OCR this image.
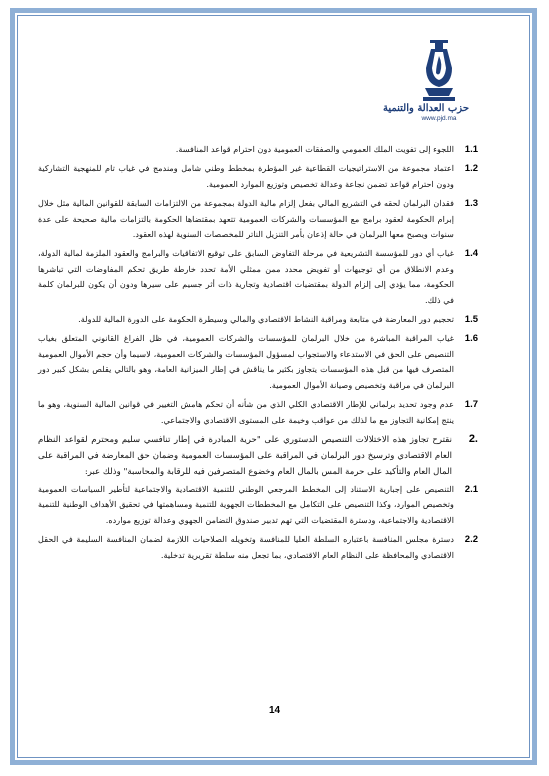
حزب العدالة والتنمية
www.pjd.ma
1.1
اللجوء إلى تفويت الملك العمومي والصفقات العمومية دون احترام قواعد المنافسة.
1.2
اعتماد مجموعة من الاستراتيجيات القطاعية غير المؤطرة بمخطط وطني شامل ومندمج في غياب تام للمنهجية التشاركية ودون احترام قواعد تضمن نجاعة وعدالة تخصيص وتوزيع الموارد العمومية.
1.3
فقدان البرلمان لحقه في التشريع المالي بفعل إلزام مالية الدولة بمجموعة من الالتزامات السابقة للقوانين المالية مثل خلال إبرام الحكومة لعقود برامج مع المؤسسات والشركات العمومية تتعهد بمقتضاها الحكومة بالتزامات مالية صحيحة على عدة سنوات ويصبح معها البرلمان في حالة إذعان بأمر التنزيل الناتر للمخصصات السنوية لهذه العقود.
1.4
غياب أي دور للمؤسسة التشريعية في مرحلة التفاوض السابق على توقيع الاتفاقيات والبرامج والعقود الملزمة لمالية الدولة، وعدم الانطلاق من أي توجيهات أو تفويض محدد ممن ممثلي الأمة تحدد خارطة طريق تحكم المفاوضات التي تباشرها الحكومة، مما يؤدي إلى إلزام الدولة بمقتضيات اقتصادية وتجارية ذات أثر جسيم على سيرها ودون أن يكون للبرلمان كلمة في ذلك.
1.5
تحجيم دور المعارضة في متابعة ومراقبة النشاط الاقتصادي والمالي وسيطرة الحكومة على الدورة المالية للدولة.
1.6
غياب المراقبة المباشرة من خلال البرلمان للمؤسسات والشركات العمومية، في ظل الفراغ القانوني المتعلق بغياب التنصيص على الحق في الاستدعاء والاستجواب لمسؤول المؤسسات والشركات العمومية، لاسيما وأن حجم الأموال العمومية المتصرف فيها من قبل هذه المؤسسات يتجاوز بكثير ما يناقش في إطار الميزانية العامة، وهو بالتالي يقلص بشكل كبير دور البرلمان في مراقبة وتخصيص وصيانة الأموال العمومية.
1.7
عدم وجود تحديد برلماني للإطار الاقتصادي الكلي الذي من شأنه أن تحكم هامش التغيير في قوانين المالية السنوية، وهو ما ينتج إمكانية التجاوز مع ما لذلك من عواقب وخيمة على المستوى الاقتصادي والاجتماعي.
2.
نقترح تجاوز هذه الاختلالات التنصيص الدستوري على "حرية المبادرة في إطار تنافسي سليم ومحترم لقواعد النظام العام الاقتصادي وترسيخ دور البرلمان في المراقبة على المؤسسات العمومية وضمان حق المعارضة في المراقبة على المال العام والتأكيد على حرمة المس بالمال العام وخضوع المتصرفين فيه للرقابة والمحاسبة" وذلك عبر:
2.1
التنصيص على إجبارية الاستناد إلى المخطط المرجعي الوطني للتنمية الاقتصادية والاجتماعية لتأطير السياسات العمومية وتخصيص الموارد، وكذا التنصيص على التكامل مع المخططات الجهوية للتنمية ومساهمتها في تحقيق الأهداف الوطنية للتنمية الاقتصادية والاجتماعية، ودسترة المقتضيات التي تهم تدبير صندوق التضامن الجهوي وعدالة توزيع موارده.
2.2
دسترة مجلس المنافسة باعتباره السلطة العليا للمنافسة وتخويله الصلاحيات اللازمة لضمان المنافسة السليمة في الحقل الاقتصادي والمحافظة على النظام العام الاقتصادي، بما تجعل منه سلطة تقريرية تدخلية.
14
